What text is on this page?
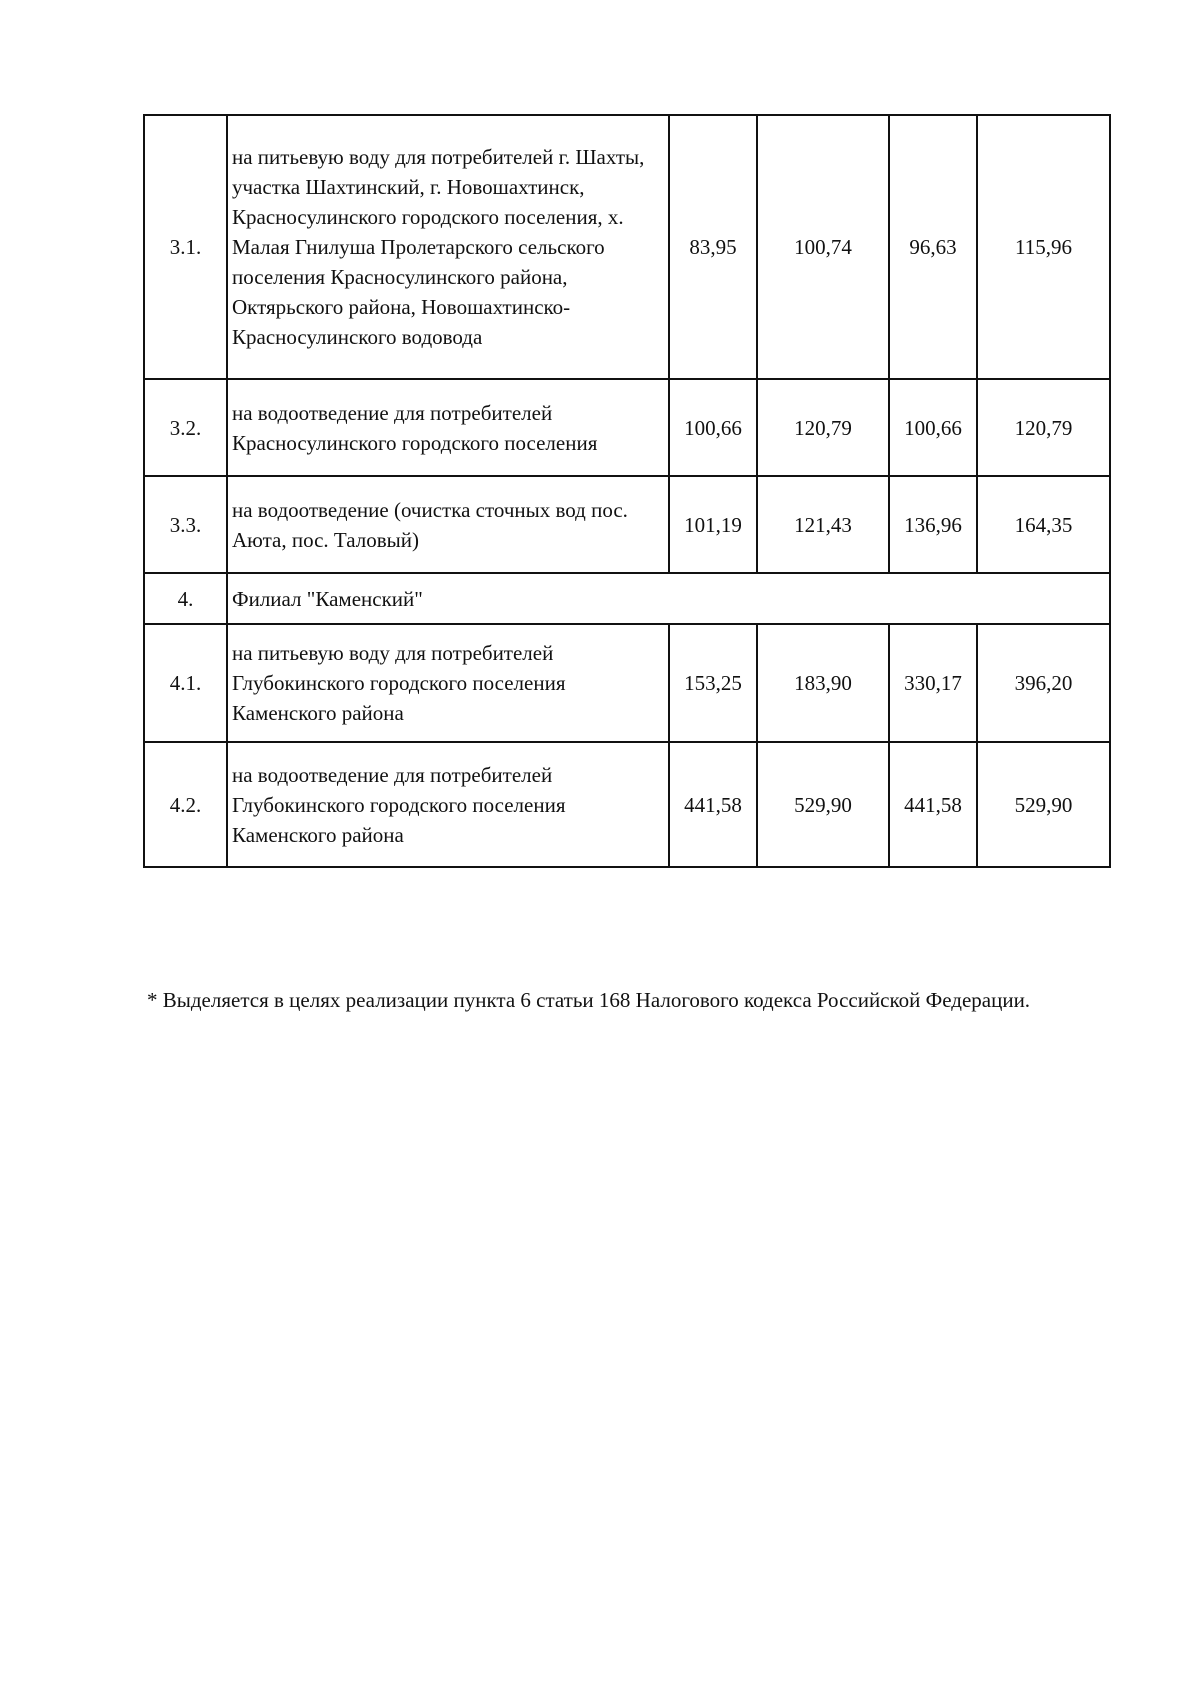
3.1.	на питьевую воду для потребителей г. Шахты, участка Шахтинский, г. Новошахтинск, Красносулинского городского поселения, х. Малая Гнилуша Пролетарского сельского поселения Красносулинского района, Октярьского района, Новошахтинско-Красносулинского водовода	83,95	100,74	96,63	115,96
3.2.	на водоотведение для потребителей Красносулинского городского поселения	100,66	120,79	100,66	120,79
3.3.	на водоотведение (очистка сточных вод пос. Аюта, пос. Таловый)	101,19	121,43	136,96	164,35
4.	Филиал "Каменский"				
4.1.	на питьевую воду для потребителей Глубокинского городского поселения Каменского района	153,25	183,90	330,17	396,20
4.2.	на водоотведение для потребителей Глубокинского городского поселения Каменского района	441,58	529,90	441,58	529,90
* Выделяется в целях реализации пункта 6 статьи 168 Налогового кодекса Российской Федерации.
